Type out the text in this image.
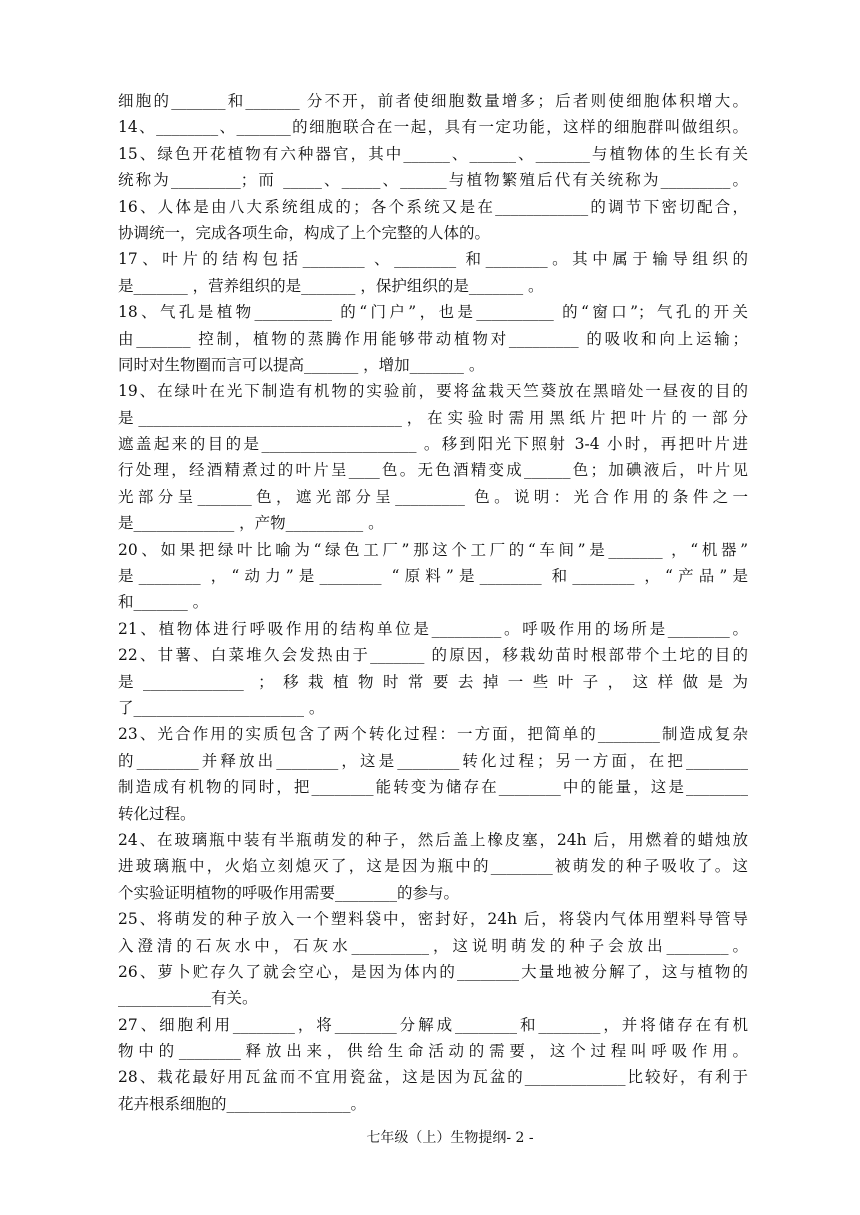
细胞的_______和_______ 分不开，前者使细胞数量增多；后者则使细胞体积增大。
14、________、_______的细胞联合在一起，具有一定功能，这样的细胞群叫做组织。
15、绿色开花植物有六种器官，其中______、______、_______与植物体的生长有关
统称为_________；而 _____、_____、______与植物繁殖后代有关统称为_________。
16、人体是由八大系统组成的；各个系统又是在____________的调节下密切配合，
协调统一，完成各项生命，构成了上个完整的人体的。
17、叶片的结构包括________ 、________ 和________。其中属于输导组织的
是_______ ，营养组织的是_______ ，保护组织的是_______ 。
18、气孔是植物__________ 的“门户”，也是__________ 的“窗口”；气孔的开关
由_______ 控制，植物的蒸腾作用能够带动植物对_________ 的吸收和向上运输；
同时对生物圈而言可以提高_______ ，增加_______ 。
19、在绿叶在光下制造有机物的实验前，要将盆栽天竺葵放在黑暗处一昼夜的目的
是__________________________________，在实验时需用黑纸片把叶片的一部分
遮盖起来的目的是____________________ 。移到阳光下照射 3-4 小时，再把叶片进
行处理，经酒精煮过的叶片呈____色。无色酒精变成______色；加碘液后，叶片见
光部分呈_______色，遮光部分呈_________ 色。说明：光合作用的条件之一
是_____________ ，产物__________ 。
20、如果把绿叶比喻为“绿色工厂”那这个工厂的“车间”是_______ ，“机器”
是________ ，“动力”是________ “原料”是________ 和________ ，“产品”是
和_______ 。
21、植物体进行呼吸作用的结构单位是_________。呼吸作用的场所是________。
22、甘薯、白菜堆久会发热由于_______ 的原因，移栽幼苗时根部带个土坨的目的
是_____________ ；移栽植物时常要去掉一些叶子，这样做是为
了______________________ 。
23、光合作用的实质包含了两个转化过程：一方面，把简单的________制造成复杂
的________并释放出________，这是________转化过程；另一方面，在把________
制造成有机物的同时，把________能转变为储存在________中的能量，这是________
转化过程。
24、在玻璃瓶中装有半瓶萌发的种子，然后盖上橡皮塞，24h 后，用燃着的蜡烛放
进玻璃瓶中，火焰立刻熄灭了，这是因为瓶中的________被萌发的种子吸收了。这
个实验证明植物的呼吸作用需要________的参与。
25、将萌发的种子放入一个塑料袋中，密封好，24h 后，将袋内气体用塑料导管导
入澄清的石灰水中，石灰水__________，这说明萌发的种子会放出________。
26、萝卜贮存久了就会空心，是因为体内的________大量地被分解了，这与植物的
____________有关。
27、细胞利用________，将________分解成________和________，并将储存在有机
物中的________释放出来，供给生命活动的需要，这个过程叫呼吸作用。
28、栽花最好用瓦盆而不宜用瓷盆，这是因为瓦盆的_____________比较好，有利于
花卉根系细胞的________________。
七年级（上）生物提纲- 2 -
